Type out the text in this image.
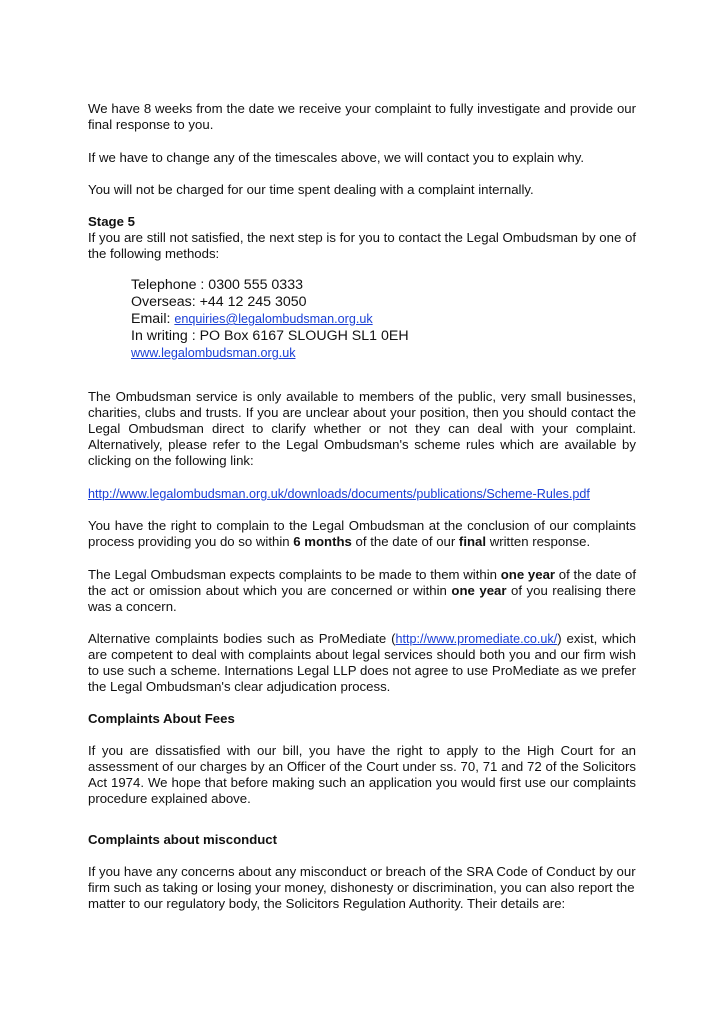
We have 8 weeks from the date we receive your complaint to fully investigate and provide our final response to you.

If we have to change any of the timescales above, we will contact you to explain why.

You will not be charged for our time spent dealing with a complaint internally.

Stage 5

If you are still not satisfied, the next step is for you to contact the Legal Ombudsman by one of the following methods:

Telephone : 0300 555 0333
Overseas: +44 12 245 3050
Email: enquiries@legalombudsman.org.uk
In writing : PO Box 6167 SLOUGH SL1 0EH
www.legalombudsman.org.uk

The Ombudsman service is only available to members of the public, very small businesses, charities, clubs and trusts. If you are unclear about your position, then you should contact the Legal Ombudsman direct to clarify whether or not they can deal with your complaint. Alternatively, please refer to the Legal Ombudsman's scheme rules which are available by clicking on the following link:

http://www.legalombudsman.org.uk/downloads/documents/publications/Scheme-Rules.pdf

You have the right to complain to the Legal Ombudsman at the conclusion of our complaints process providing you do so within 6 months of the date of our final written response.

The Legal Ombudsman expects complaints to be made to them within one year of the date of the act or omission about which you are concerned or within one year of you realising there was a concern.

Alternative complaints bodies such as ProMediate (http://www.promediate.co.uk/) exist, which are competent to deal with complaints about legal services should both you and our firm wish to use such a scheme. Internations Legal LLP does not agree to use ProMediate as we prefer the Legal Ombudsman's clear adjudication process.

Complaints About Fees

If you are dissatisfied with our bill, you have the right to apply to the High Court for an assessment of our charges by an Officer of the Court under ss. 70, 71 and 72 of the Solicitors Act 1974. We hope that before making such an application you would first use our complaints procedure explained above.

Complaints about misconduct

If you have any concerns about any misconduct or breach of the SRA Code of Conduct by our firm such as taking or losing your money, dishonesty or discrimination, you can also report the matter to our regulatory body, the Solicitors Regulation Authority. Their details are:
